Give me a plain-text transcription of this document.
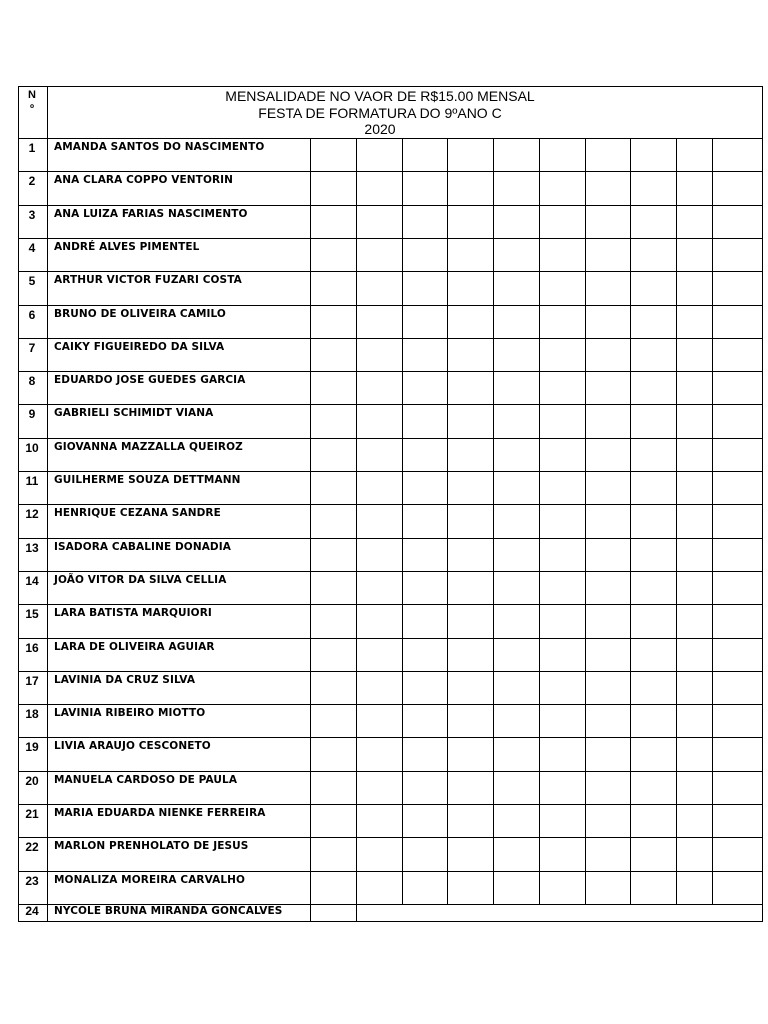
N
º
MENSALIDADE NO VAOR DE R$15.00 MENSAL
FESTA DE FORMATURA DO 9ºANO C
2020
1	AMANDA SANTOS DO NASCIMENTO
2	ANA CLARA COPPO VENTORIN
3	ANA LUIZA FARIAS NASCIMENTO
4	ANDRÉ ALVES PIMENTEL
5	ARTHUR VICTOR FUZARI COSTA
6	BRUNO DE OLIVEIRA CAMILO
7	CAIKY FIGUEIREDO DA SILVA
8	EDUARDO JOSE GUEDES GARCIA
9	GABRIELI SCHIMIDT VIANA
10	GIOVANNA MAZZALLA QUEIROZ
11	GUILHERME SOUZA DETTMANN
12	HENRIQUE CEZANA SANDRE
13	ISADORA CABALINE DONADIA
14	JOÃO VITOR DA SILVA CELLIA
15	LARA BATISTA MARQUIORI
16	LARA DE OLIVEIRA AGUIAR
17	LAVINIA DA CRUZ SILVA
18	LAVINIA RIBEIRO MIOTTO
19	LIVIA ARAUJO CESCONETO
20	MANUELA CARDOSO DE PAULA
21	MARIA EDUARDA NIENKE FERREIRA
22	MARLON PRENHOLATO DE JESUS
23	MONALIZA MOREIRA CARVALHO
24	NYCOLE BRUNA MIRANDA GONCALVES
